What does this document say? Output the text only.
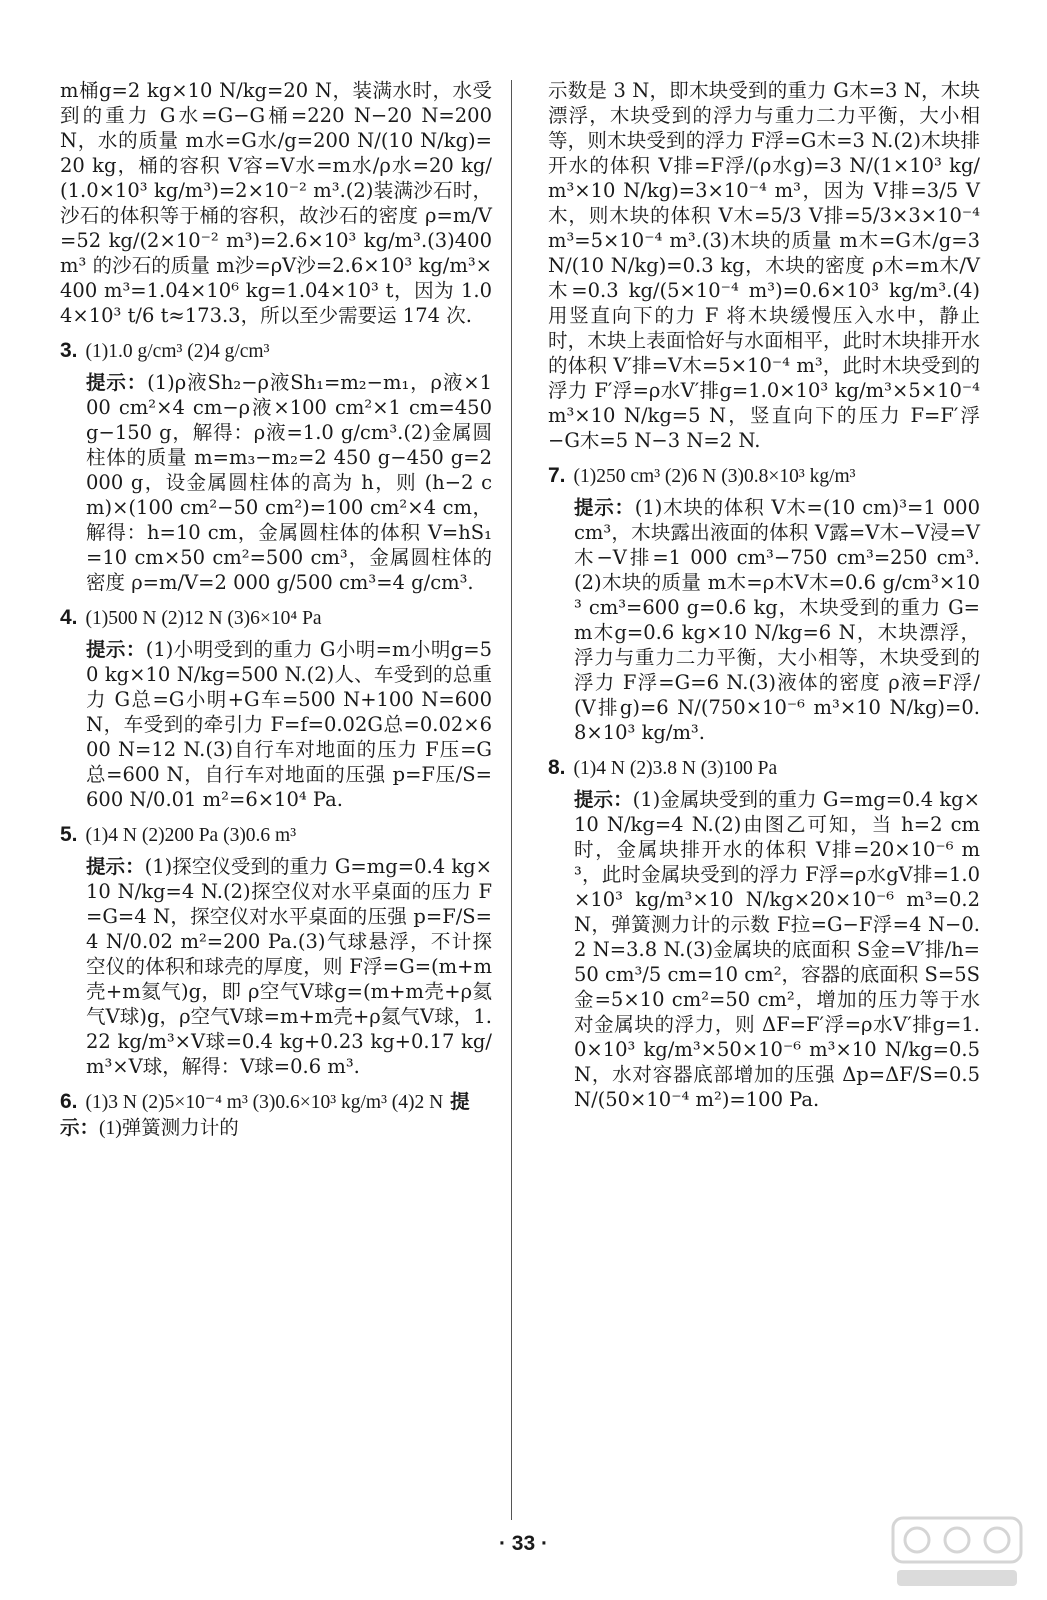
m桶g=2 kg×10 N/kg=20 N，装满水时，水受到的重力 G水=G−G桶=220 N−20 N=200 N，水的质量 m水=G水/g=200 N/(10 N/kg)=20 kg，桶的容积 V容=V水=m水/ρ水=20 kg/(1.0×10³ kg/m³)=2×10⁻² m³.(2)装满沙石时，沙石的体积等于桶的容积，故沙石的密度 ρ=m/V=52 kg/(2×10⁻² m³)=2.6×10³ kg/m³.(3)400 m³ 的沙石的质量 m沙=ρV沙=2.6×10³ kg/m³×400 m³=1.04×10⁶ kg=1.04×10³ t，因为 1.04×10³ t/6 t≈173.3，所以至少需要运 174 次.

3. (1)1.0 g/cm³ (2)4 g/cm³

提示：(1)ρ液Sh₂−ρ液Sh₁=m₂−m₁，ρ液×100 cm²×4 cm−ρ液×100 cm²×1 cm=450 g−150 g，解得：ρ液=1.0 g/cm³.(2)金属圆柱体的质量 m=m₃−m₂=2 450 g−450 g=2 000 g，设金属圆柱体的高为 h，则 (h−2 cm)×(100 cm²−50 cm²)=100 cm²×4 cm，解得：h=10 cm，金属圆柱体的体积 V=hS₁=10 cm×50 cm²=500 cm³，金属圆柱体的密度 ρ=m/V=2 000 g/500 cm³=4 g/cm³.

4. (1)500 N (2)12 N (3)6×10⁴ Pa

提示：(1)小明受到的重力 G小明=m小明g=50 kg×10 N/kg=500 N.(2)人、车受到的总重力 G总=G小明+G车=500 N+100 N=600 N，车受到的牵引力 F=f=0.02G总=0.02×600 N=12 N.(3)自行车对地面的压力 F压=G总=600 N，自行车对地面的压强 p=F压/S=600 N/0.01 m²=6×10⁴ Pa.

5. (1)4 N (2)200 Pa (3)0.6 m³

提示：(1)探空仪受到的重力 G=mg=0.4 kg×10 N/kg=4 N.(2)探空仪对水平桌面的压力 F=G=4 N，探空仪对水平桌面的压强 p=F/S=4 N/0.02 m²=200 Pa.(3)气球悬浮，不计探空仪的体积和球壳的厚度，则 F浮=G=(m+m壳+m氦气)g，即 ρ空气V球g=(m+m壳+ρ氦气V球)g，ρ空气V球=m+m壳+ρ氦气V球，1.22 kg/m³×V球=0.4 kg+0.23 kg+0.17 kg/m³×V球，解得：V球=0.6 m³.

6. (1)3 N (2)5×10⁻⁴ m³ (3)0.6×10³ kg/m³ (4)2 N 提示：(1)弹簧测力计的

示数是 3 N，即木块受到的重力 G木=3 N，木块漂浮，木块受到的浮力与重力二力平衡，大小相等，则木块受到的浮力 F浮=G木=3 N.(2)木块排开水的体积 V排=F浮/(ρ水g)=3 N/(1×10³ kg/m³×10 N/kg)=3×10⁻⁴ m³，因为 V排=3/5 V木，则木块的体积 V木=5/3 V排=5/3×3×10⁻⁴ m³=5×10⁻⁴ m³.(3)木块的质量 m木=G木/g=3 N/(10 N/kg)=0.3 kg，木块的密度 ρ木=m木/V木=0.3 kg/(5×10⁻⁴ m³)=0.6×10³ kg/m³.(4)用竖直向下的力 F 将木块缓慢压入水中，静止时，木块上表面恰好与水面相平，此时木块排开水的体积 V′排=V木=5×10⁻⁴ m³，此时木块受到的浮力 F′浮=ρ水V′排g=1.0×10³ kg/m³×5×10⁻⁴ m³×10 N/kg=5 N，竖直向下的压力 F=F′浮−G木=5 N−3 N=2 N.

7. (1)250 cm³ (2)6 N (3)0.8×10³ kg/m³

提示：(1)木块的体积 V木=(10 cm)³=1 000 cm³，木块露出液面的体积 V露=V木−V浸=V木−V排=1 000 cm³−750 cm³=250 cm³.(2)木块的质量 m木=ρ木V木=0.6 g/cm³×10³ cm³=600 g=0.6 kg，木块受到的重力 G=m木g=0.6 kg×10 N/kg=6 N，木块漂浮，浮力与重力二力平衡，大小相等，木块受到的浮力 F浮=G=6 N.(3)液体的密度 ρ液=F浮/(V排g)=6 N/(750×10⁻⁶ m³×10 N/kg)=0.8×10³ kg/m³.

8. (1)4 N (2)3.8 N (3)100 Pa

提示：(1)金属块受到的重力 G=mg=0.4 kg×10 N/kg=4 N.(2)由图乙可知，当 h=2 cm 时，金属块排开水的体积 V排=20×10⁻⁶ m³，此时金属块受到的浮力 F浮=ρ水gV排=1.0×10³ kg/m³×10 N/kg×20×10⁻⁶ m³=0.2 N，弹簧测力计的示数 F拉=G−F浮=4 N−0.2 N=3.8 N.(3)金属块的底面积 S金=V′排/h=50 cm³/5 cm=10 cm²，容器的底面积 S=5S金=5×10 cm²=50 cm²，增加的压力等于水对金属块的浮力，则 ΔF=F′浮=ρ水V′排g=1.0×10³ kg/m³×50×10⁻⁶ m³×10 N/kg=0.5 N，水对容器底部增加的压强 Δp=ΔF/S=0.5 N/(50×10⁻⁴ m²)=100 Pa.

· 33 ·
